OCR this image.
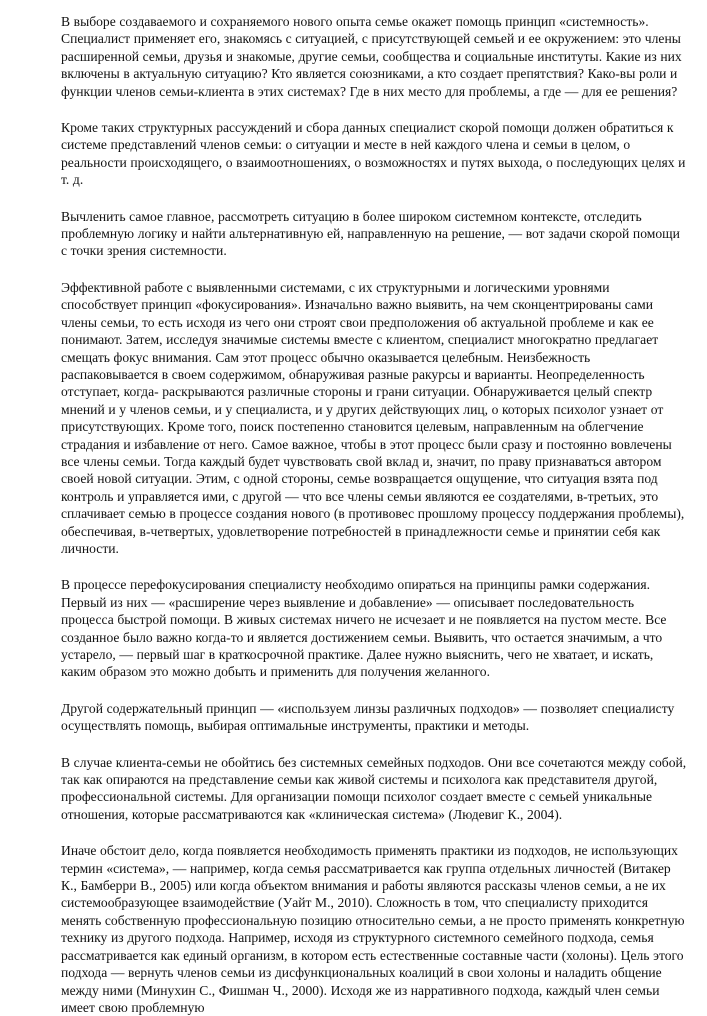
В выборе создаваемого и сохраняемого нового опыта семье окажет помощь принцип «системность». Специалист применяет его, знакомясь с ситуацией, с присутствующей семьей и ее окружением: это члены расширенной семьи, друзья и знакомые, другие семьи, сообщества и социальные институты. Какие из них включены в актуальную ситуацию? Кто является союзниками, а кто создает препятствия? Како-вы роли и функции членов семьи-клиента в этих системах? Где в них место для проблемы, а где — для ее решения?

Кроме таких структурных рассуждений и сбора данных специалист скорой помощи должен обратиться к системе представлений членов семьи: о ситуации и месте в ней каждого члена и семьи в целом, о реальности происходящего, о взаимоотношениях, о возможностях и путях выхода, о последующих целях и т. д.

Вычленить самое главное, рассмотреть ситуацию в более широком системном контексте, отследить проблемную логику и найти альтернативную ей, направленную на решение, — вот задачи скорой помощи с точки зрения системности.

Эффективной работе с выявленными системами, с их структурными и логическими уровнями способствует принцип «фокусирования». Изначально важно выявить, на чем сконцентрированы сами члены семьи, то есть исходя из чего они строят свои предположения об актуальной проблеме и как ее понимают. Затем, исследуя значимые системы вместе с клиентом, специалист многократно предлагает смещать фокус внимания. Сам этот процесс обычно оказывается целебным. Неизбежность распаковывается в своем содержимом, обнаруживая разные ракурсы и варианты. Неопределенность отступает, когда- раскрываются различные стороны и грани ситуации. Обнаруживается целый спектр мнений и у членов семьи, и у специалиста, и у других действующих лиц, о которых психолог узнает от присутствующих. Кроме того, поиск постепенно становится целевым, направленным на облегчение страдания и избавление от него. Самое важное, чтобы в этот процесс были сразу и постоянно вовлечены все члены семьи. Тогда каждый будет чувствовать свой вклад и, значит, по праву признаваться автором своей новой ситуации. Этим, с одной стороны, семье возвращается ощущение, что ситуация взята под контроль и управляется ими, с другой — что все члены семьи являются ее создателями, в-третьих, это сплачивает семью в процессе создания нового (в противовес прошлому процессу поддержания проблемы), обеспечивая, в-четвертых, удовлетворение потребностей в принадлежности семье и принятии себя как личности.

В процессе перефокусирования специалисту необходимо опираться на принципы рамки содержания. Первый из них — «расширение через выявление и добавление» — описывает последовательность процесса быстрой помощи. В живых системах ничего не исчезает и не появляется на пустом месте. Все созданное было важно когда-то и является достижением семьи. Выявить, что остается значимым, а что устарело, — первый шаг в краткосрочной практике. Далее нужно выяснить, чего не хватает, и искать, каким образом это можно добыть и применить для получения желанного.

Другой содержательный принцип — «используем линзы различных подходов» — позволяет специалисту осуществлять помощь, выбирая оптимальные инструменты, практики и методы.

В случае клиента-семьи не обойтись без системных семейных подходов. Они все сочетаются между собой, так как опираются на представление семьи как живой системы и психолога как представителя другой, профессиональной системы. Для организации помощи психолог создает вместе с семьей уникальные отношения, которые рассматриваются как «клиническая система» (Людевиг К., 2004).

Иначе обстоит дело, когда появляется необходимость применять практики из подходов, не использующих термин «система», — например, когда семья рассматривается как группа отдельных личностей (Витакер К., Бамберри В., 2005) или когда объектом внимания и работы являются рассказы членов семьи, а не их системообразующее взаимодействие (Уайт М., 2010). Сложность в том, что специалисту приходится менять собственную профессиональную позицию относительно семьи, а не просто применять конкретную технику из другого подхода. Например, исходя из структурного системного семейного подхода, семья рассматривается как единый организм, в котором есть естественные составные части (холоны). Цель этого подхода — вернуть членов семьи из дисфункциональных коалиций в свои холоны и наладить общение между ними (Минухин С., Фишман Ч., 2000). Исходя же из нарративного подхода, каждый член семьи имеет свою проблемную
